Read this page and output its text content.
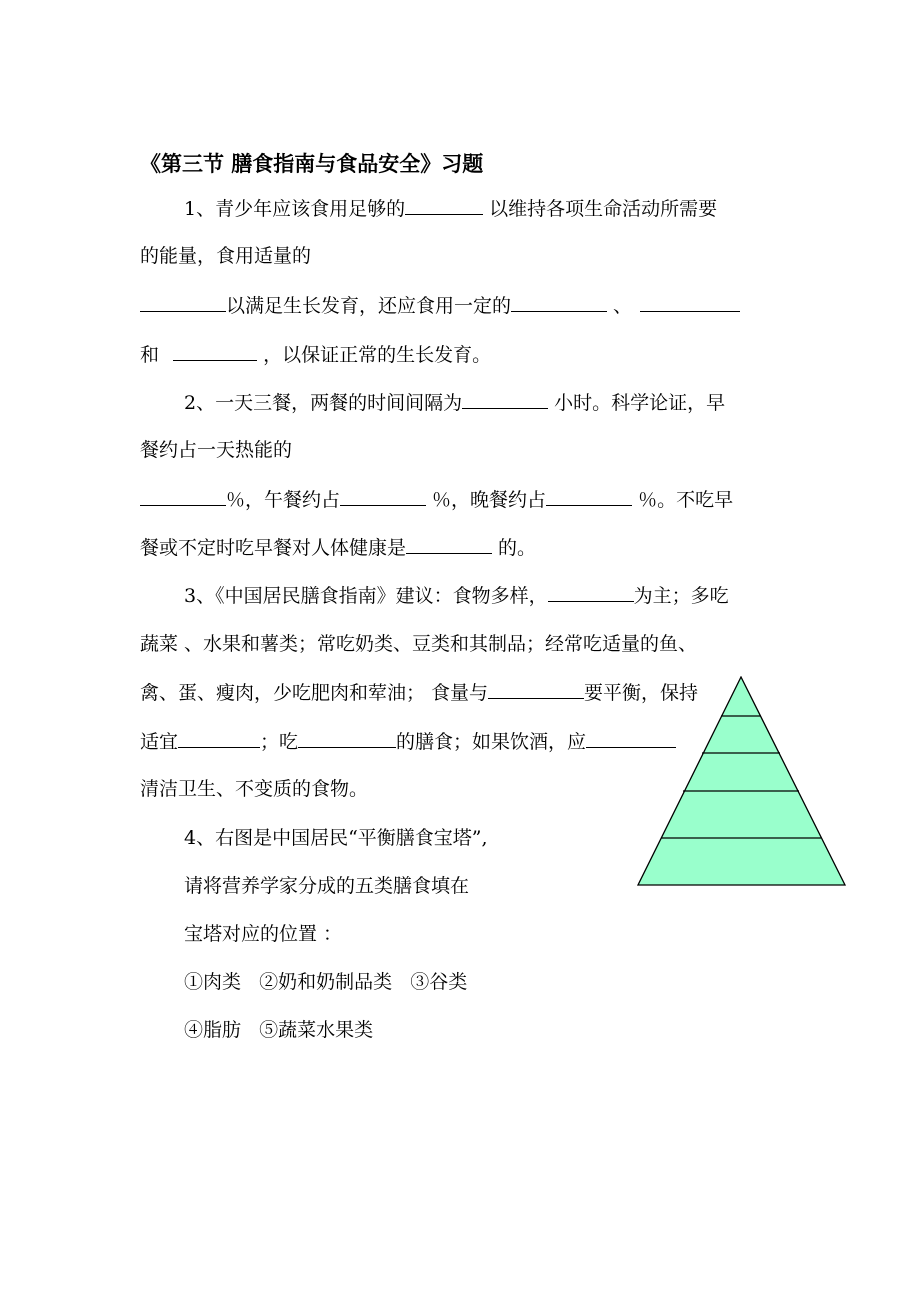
《第三节 膳食指南与食品安全》习题
1、青少年应该食用足够的	以维持各项生命活动所需要
的能量，食用适量的
以满足生长发育，还应食用一定的	、
和	，以保证正常的生长发育。
2、一天三餐，两餐的时间间隔为	小时。科学论证，早
餐约占一天热能的
％，午餐约占	％，晚餐约占	％。不吃早
餐或不定时吃早餐对人体健康是	的。
3、《中国居民膳食指南》建议：食物多样，	为主；多吃
蔬菜 、水果和薯类；常吃奶类、豆类和其制品；经常吃适量的鱼、
禽、蛋、瘦肉，少吃肥肉和荤油； 食量与	要平衡，保持
适宜	；吃	的膳食；如果饮酒，应
清洁卫生、不变质的食物。
4、右图是中国居民“平衡膳食宝塔”,
请将营养学家分成的五类膳食填在
宝塔对应的位置 ：
①肉类   ②奶和奶制品类   ③谷类
④脂肪   ⑤蔬菜水果类
